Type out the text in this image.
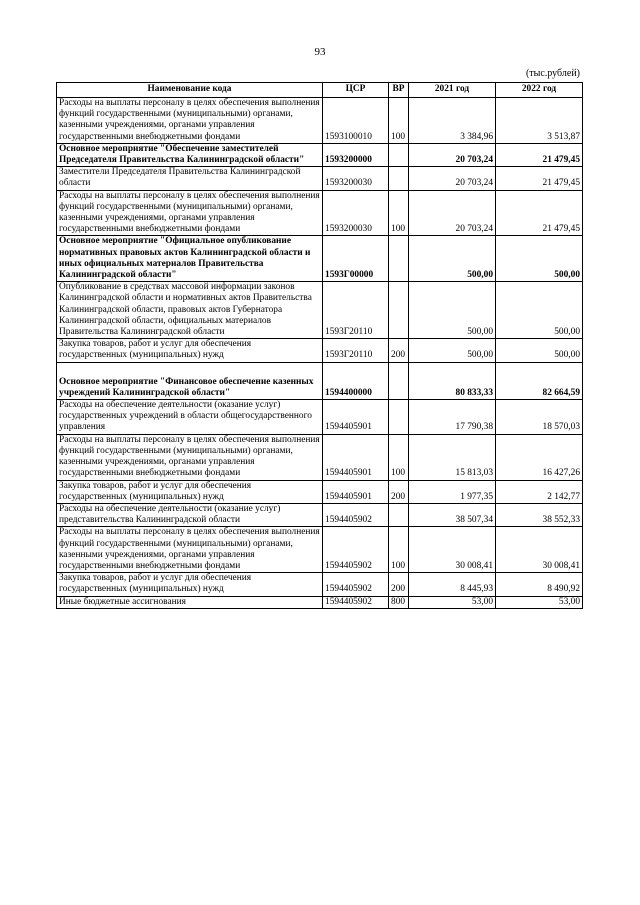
93
(тыс.рублей)
Наименование кода	ЦСР	ВР	2021 год	2022 год
Расходы на выплаты персоналу в целях обеспечения выполнения функций государственными (муниципальными) органами, казенными учреждениями, органами управления государственными внебюджетными фондами	1593100010	100	3 384,96	3 513,87
Основное мероприятие "Обеспечение заместителей Председателя Правительства Калининградской области"	1593200000		20 703,24	21 479,45
Заместители Председателя Правительства Калининградской области	1593200030		20 703,24	21 479,45
Расходы на выплаты персоналу в целях обеспечения выполнения функций государственными (муниципальными) органами, казенными учреждениями, органами управления государственными внебюджетными фондами	1593200030	100	20 703,24	21 479,45
Основное мероприятие "Официальное опубликование нормативных правовых актов Калининградской области и иных официальных материалов Правительства Калининградской области"	1593Г00000		500,00	500,00
Опубликование в средствах массовой информации законов Калининградской области и нормативных актов Правительства Калининградской области, правовых актов Губернатора Калининградской области, официальных материалов Правительства Калининградской области	1593Г20110		500,00	500,00
Закупка товаров, работ и услуг для обеспечения государственных (муниципальных) нужд	1593Г20110	200	500,00	500,00
Основное мероприятие "Финансовое обеспечение казенных учреждений Калининградской области"	1594400000		80 833,33	82 664,59
Расходы на обеспечение деятельности (оказание услуг) государственных учреждений в области общегосударственного управления	1594405901		17 790,38	18 570,03
Расходы на выплаты персоналу в целях обеспечения выполнения функций государственными (муниципальными) органами, казенными учреждениями, органами управления государственными внебюджетными фондами	1594405901	100	15 813,03	16 427,26
Закупка товаров, работ и услуг для обеспечения государственных (муниципальных) нужд	1594405901	200	1 977,35	2 142,77
Расходы на обеспечение деятельности (оказание услуг) представительства Калининградской области	1594405902		38 507,34	38 552,33
Расходы на выплаты персоналу в целях обеспечения выполнения функций государственными (муниципальными) органами, казенными учреждениями, органами управления государственными внебюджетными фондами	1594405902	100	30 008,41	30 008,41
Закупка товаров, работ и услуг для обеспечения государственных (муниципальных) нужд	1594405902	200	8 445,93	8 490,92
Иные бюджетные ассигнования	1594405902	800	53,00	53,00
